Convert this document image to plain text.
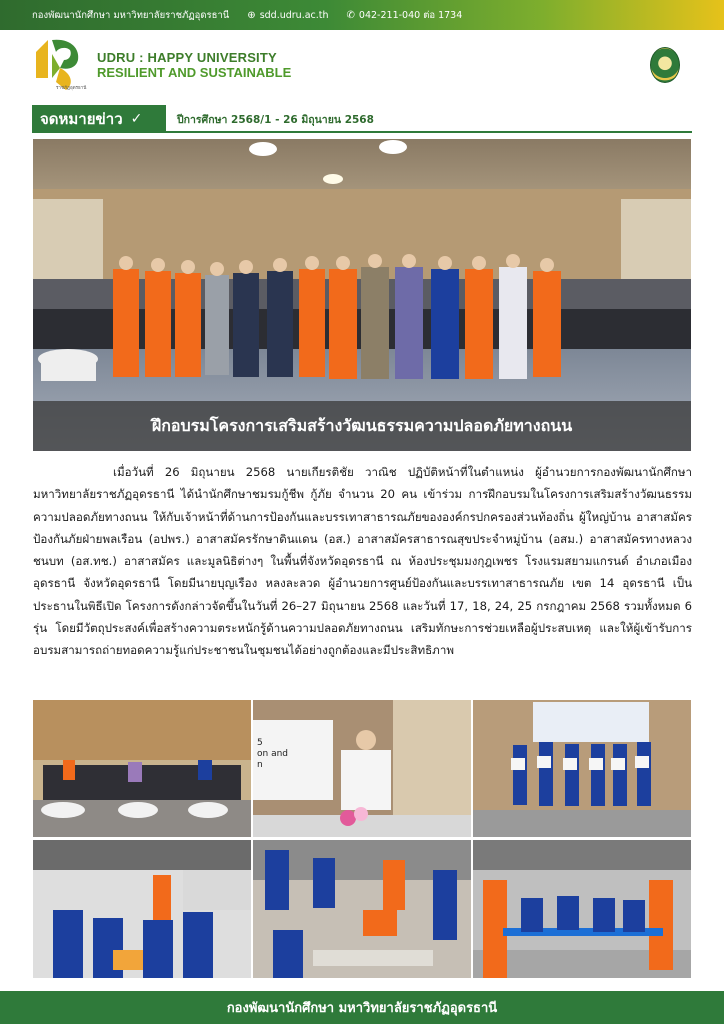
กองพัฒนานักศึกษา มหาวิทยาลัยราชภัฏอุดรธานี ⊕ sdd.udru.ac.th ✆ 042-211-040 ต่อ 1734
ราชภัฏอุดรธานี
UDRU : HAPPY UNIVERSITY
RESILIENT AND SUSTAINABLE
จดหมายข่าว ✓	ปีการศึกษา 2568/1 - 26 มิถุนายน 2568
ฝึกอบรมโครงการเสริมสร้างวัฒนธรรมความปลอดภัยทางถนน
เมื่อวันที่ 26 มิถุนายน 2568 นายเกียรติชัย วาณิช ปฏิบัติหน้าที่ในตำแหน่ง ผู้อำนวยการกองพัฒนานักศึกษา มหาวิทยาลัยราชภัฏอุดรธานี ได้นำนักศึกษาชมรมกู้ชีพ กู้ภัย จำนวน 20 คน เข้าร่วม การฝึกอบรมในโครงการเสริมสร้างวัฒนธรรมความปลอดภัยทางถนน ให้กับเจ้าหน้าที่ด้านการป้องกันและบรรเทาสาธารณภัยขององค์กรปกครองส่วนท้องถิ่น ผู้ใหญ่บ้าน อาสาสมัครป้องกันภัยฝ่ายพลเรือน (อปพร.) อาสาสมัครรักษาดินแดน (อส.) อาสาสมัครสาธารณสุขประจำหมู่บ้าน (อสม.) อาสาสมัครทางหลวงชนบท (อส.ทช.) อาสาสมัคร และมูลนิธิต่างๆ ในพื้นที่จังหวัดอุดรธานี ณ ห้องประชุมมงกุฎเพชร โรงแรมสยามแกรนด์ อำเภอเมืองอุดรธานี จังหวัดอุดรธานี โดยมีนายบุญเรือง หลงละลวด ผู้อำนวยการศูนย์ป้องกันและบรรเทาสาธารณภัย เขต 14 อุดรธานี เป็นประธานในพิธีเปิด โครงการดังกล่าวจัดขึ้นในวันที่ 26–27 มิถุนายน 2568 และวันที่ 17, 18, 24, 25 กรกฎาคม 2568 รวมทั้งหมด 6 รุ่น โดยมีวัตถุประสงค์เพื่อสร้างความตระหนักรู้ด้านความปลอดภัยทางถนน เสริมทักษะการช่วยเหลือผู้ประสบเหตุ และให้ผู้เข้ารับการอบรมสามารถถ่ายทอดความรู้แก่ประชาชนในชุมชนได้อย่างถูกต้องและมีประสิทธิภาพ
5
on and
n
กองพัฒนานักศึกษา มหาวิทยาลัยราชภัฏอุดรธานี
